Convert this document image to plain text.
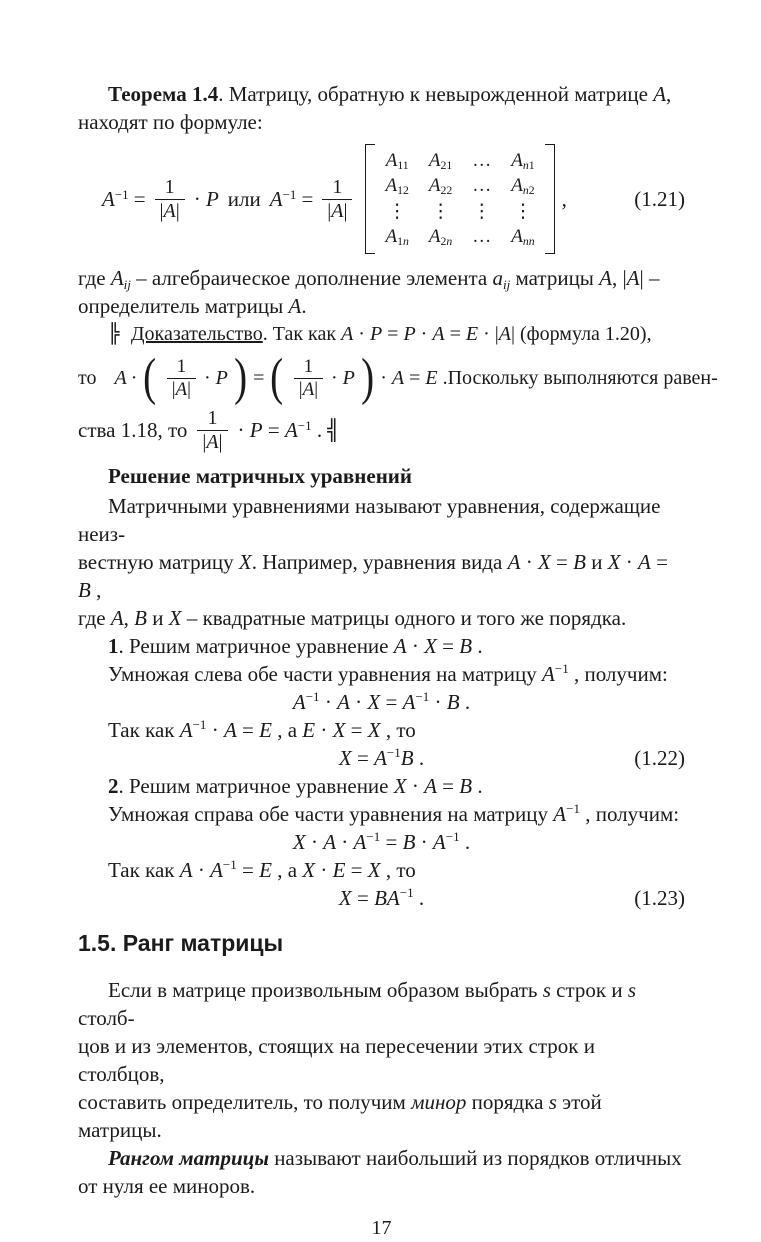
Теорема 1.4. Матрицу, обратную к невырожденной матрице A,
находят по формуле:

$A^{-1} = \frac{1}{|A|} \cdot P$ или $A^{-1} = \frac{1}{|A|}$
A11 A21 … An1
A12 A22 … An2
⋮ ⋮ ⋮ ⋮
A1n A2n … Ann
,	(1.21)

где Aij – алгебраическое дополнение элемента aij матрицы A, |A| –
определитель матрицы A.

╠ Доказательство. Так как A · P = P · A = E · |A| (формула 1.20),

то A · ( $\frac{1}{|A|} \cdot P$ ) = ( $\frac{1}{|A|} \cdot P$ ) · A = E . Поскольку выполняются равен-
ства 1.18, то $\frac{1}{|A|} \cdot P = A^{-1}$ . ╣

Решение матричных уравнений

Матричными уравнениями называют уравнения, содержащие неиз-
вестную матрицу X. Например, уравнения вида A · X = B и X · A = B ,
где A, B и X – квадратные матрицы одного и того же порядка.

1. Решим матричное уравнение A · X = B .

Умножая слева обе части уравнения на матрицу $A^{-1}$ , получим:

$A^{-1} \cdot A \cdot X = A^{-1} \cdot B$ .

Так как $A^{-1} \cdot A = E$ , а E · X = X , то

$X = A^{-1}B$ .	(1.22)

2. Решим матричное уравнение X · A = B .

Умножая справа обе части уравнения на матрицу $A^{-1}$ , получим:

$X \cdot A \cdot A^{-1} = B \cdot A^{-1}$ .

Так как $A \cdot A^{-1} = E$ , а X · E = X , то

$X = BA^{-1}$ .	(1.23)
1.5. Ранг матрицы

Если в матрице произвольным образом выбрать s строк и s столб-
цов и из элементов, стоящих на пересечении этих строк и столбцов,
составить определитель, то получим минор порядка s этой матрицы.

Рангом матрицы называют наибольший из порядков отличных
от нуля ее миноров.

17
